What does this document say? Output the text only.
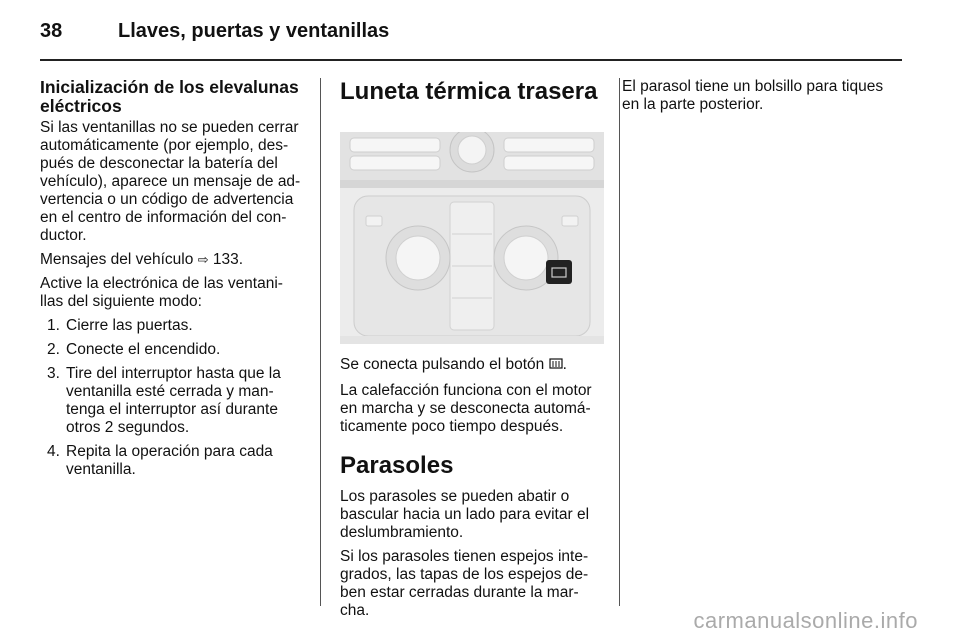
38	Llaves, puertas y ventanillas
Inicialización de los elevalunas eléctricos

Si las ventanillas no se pueden cerrar automáticamente (por ejemplo, des-pués de desconectar la batería del vehículo), aparece un mensaje de ad-vertencia o un código de advertencia en el centro de información del con-ductor.

Mensajes del vehículo ⇨ 133.

Active la electrónica de las ventani-llas del siguiente modo:

1. Cierre las puertas.
2. Conecte el encendido.
3. Tire del interruptor hasta que la ventanilla esté cerrada y man-tenga el interruptor así durante otros 2 segundos.
4. Repita la operación para cada ventanilla.
Luneta térmica trasera

Se conecta pulsando el botón .

La calefacción funciona con el motor en marcha y se desconecta automá-ticamente poco tiempo después.

Parasoles

Los parasoles se pueden abatir o bascular hacia un lado para evitar el deslumbramiento.

Si los parasoles tienen espejos inte-grados, las tapas de los espejos de-ben estar cerradas durante la mar-cha.

El parasol tiene un bolsillo para tiques en la parte posterior.

carmanualsonline.info
